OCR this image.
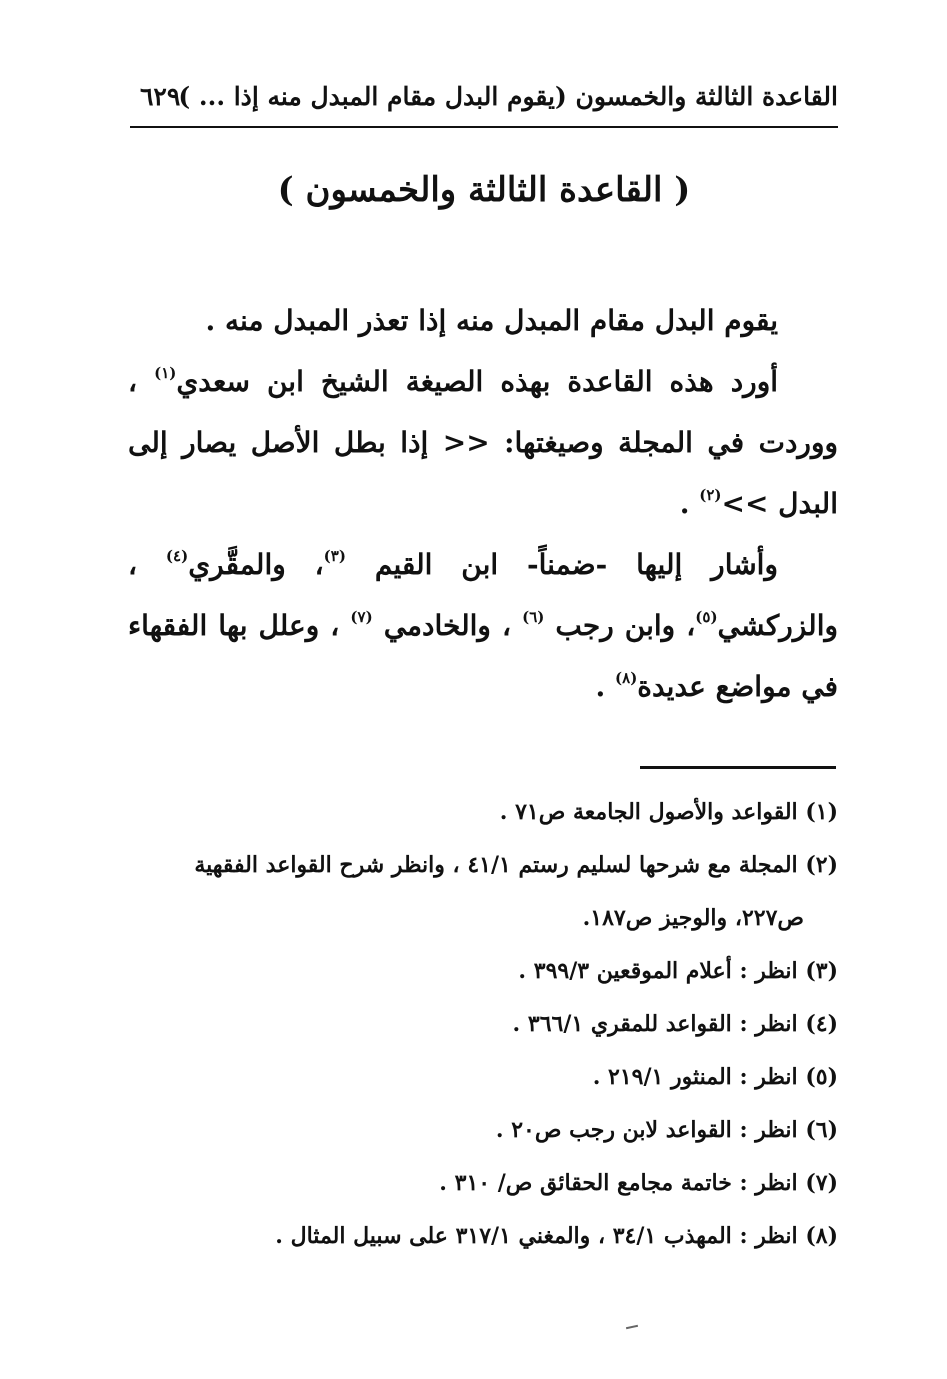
القاعدة الثالثة والخمسون (يقوم البدل مقام المبدل منه إذا ... )
٦٢٩
( القاعدة الثالثة والخمسون )

يقوم البدل مقام المبدل منه إذا تعذر المبدل منه .

أورد هذه القاعدة بهذه الصيغة الشيخ ابن سعدي$^{(١)}$ ، ووردت في المجلة وصيغتها: << إذا بطل الأصل يصار إلى البدل >>$^{(٢)}$ .

وأشار إليها -ضمناً- ابن القيم $^{(٣)}$، والمقَّري$^{(٤)}$ ، والزركشي$^{(٥)}$، وابن رجب $^{(٦)}$ ، والخادمي $^{(٧)}$ ، وعلل بها الفقهاء في مواضع عديدة$^{(٨)}$ .

(١) القواعد والأصول الجامعة ص٧١ .
(٢) المجلة مع شرحها لسليم رستم ٤١/١ ، وانظر شرح القواعد الفقهية
ص٢٢٧، والوجيز ص١٨٧.
(٣) انظر : أعلام الموقعين ٣٩٩/٣ .
(٤) انظر : القواعد للمقري ٣٦٦/١ .
(٥) انظر : المنثور ٢١٩/١ .
(٦) انظر : القواعد لابن رجب ص٢٠ .
(٧) انظر : خاتمة مجامع الحقائق ص/ ٣١٠ .
(٨) انظر : المهذب ٣٤/١ ، والمغني ٣١٧/١ على سبيل المثال .
